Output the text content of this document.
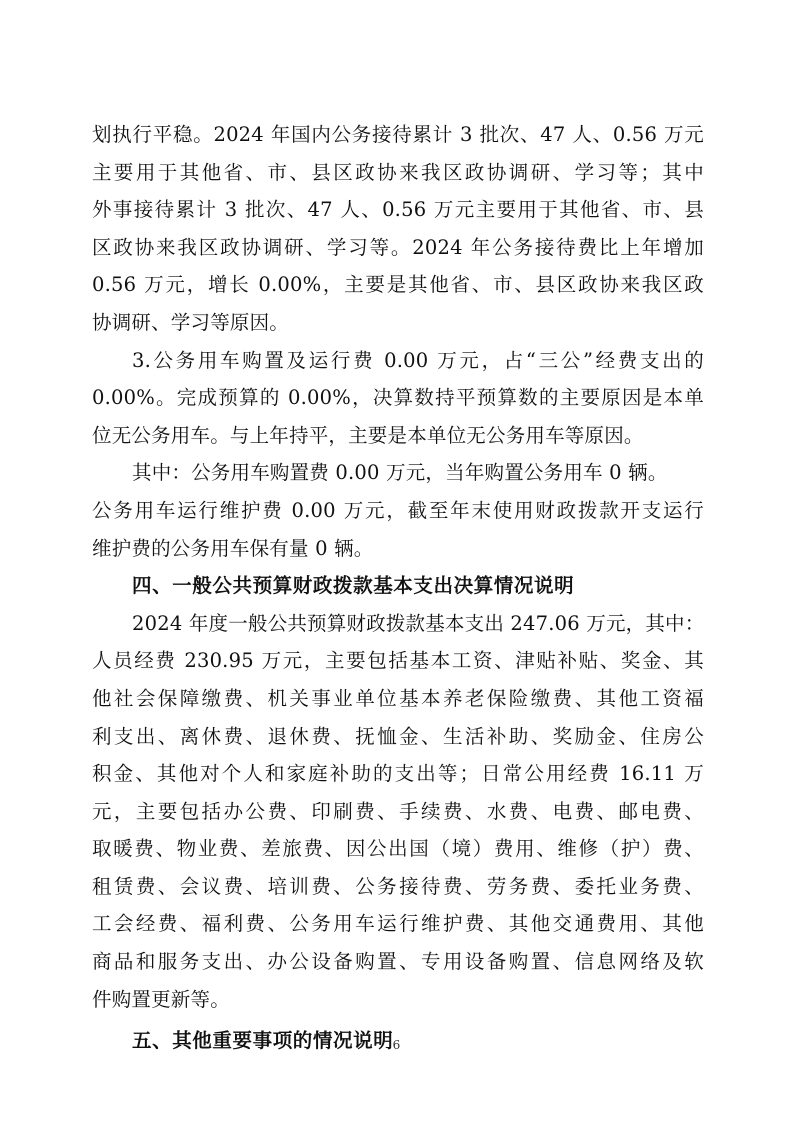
划执行平稳。2024 年国内公务接待累计 3 批次、47 人、0.56 万元
主要用于其他省、市、县区政协来我区政协调研、学习等；其中
外事接待累计 3 批次、47 人、0.56 万元主要用于其他省、市、县
区政协来我区政协调研、学习等。2024 年公务接待费比上年增加
0.56 万元，增长 0.00%，主要是其他省、市、县区政协来我区政
协调研、学习等原因。
3.公务用车购置及运行费 0.00 万元，占“三公”经费支出的
0.00%。完成预算的 0.00%，决算数持平预算数的主要原因是本单
位无公务用车。与上年持平，主要是本单位无公务用车等原因。
其中：公务用车购置费 0.00 万元，当年购置公务用车 0 辆。
公务用车运行维护费 0.00 万元，截至年末使用财政拨款开支运行
维护费的公务用车保有量 0 辆。
四、一般公共预算财政拨款基本支出决算情况说明
2024 年度一般公共预算财政拨款基本支出 247.06 万元，其中：
人员经费 230.95 万元，主要包括基本工资、津贴补贴、奖金、其
他社会保障缴费、机关事业单位基本养老保险缴费、其他工资福
利支出、离休费、退休费、抚恤金、生活补助、奖励金、住房公
积金、其他对个人和家庭补助的支出等；日常公用经费 16.11 万
元，主要包括办公费、印刷费、手续费、水费、电费、邮电费、
取暖费、物业费、差旅费、因公出国（境）费用、维修（护）费、
租赁费、会议费、培训费、公务接待费、劳务费、委托业务费、
工会经费、福利费、公务用车运行维护费、其他交通费用、其他
商品和服务支出、办公设备购置、专用设备购置、信息网络及软
件购置更新等。
五、其他重要事项的情况说明 6
